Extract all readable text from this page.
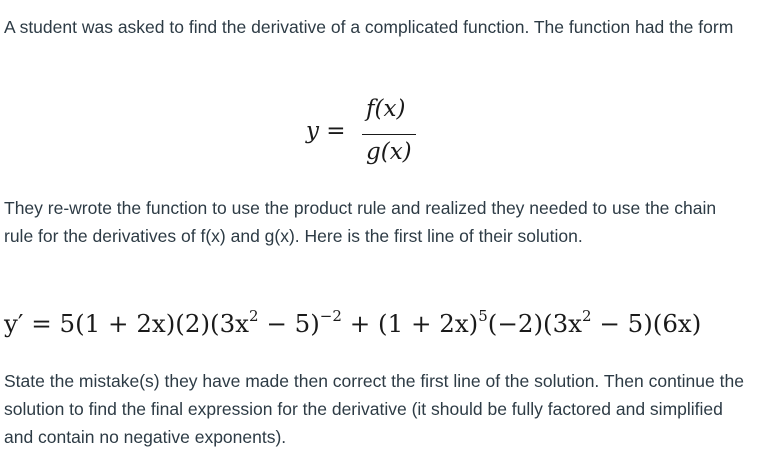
A student was asked to find the derivative of a complicated function. The function had the form

y =
f(x)
g(x)

They re-wrote the function to use the product rule and realized they needed to use the chain rule for the derivatives of f(x) and g(x). Here is the first line of their solution.

$y' = 5(1 + 2x)(2)(3x^2 - 5)^{-2} + (1 + 2x)^5(-2)(3x^2 - 5)(6x)$

State the mistake(s) they have made then correct the first line of the solution. Then continue the solution to find the final expression for the derivative (it should be fully factored and simplified and contain no negative exponents).
